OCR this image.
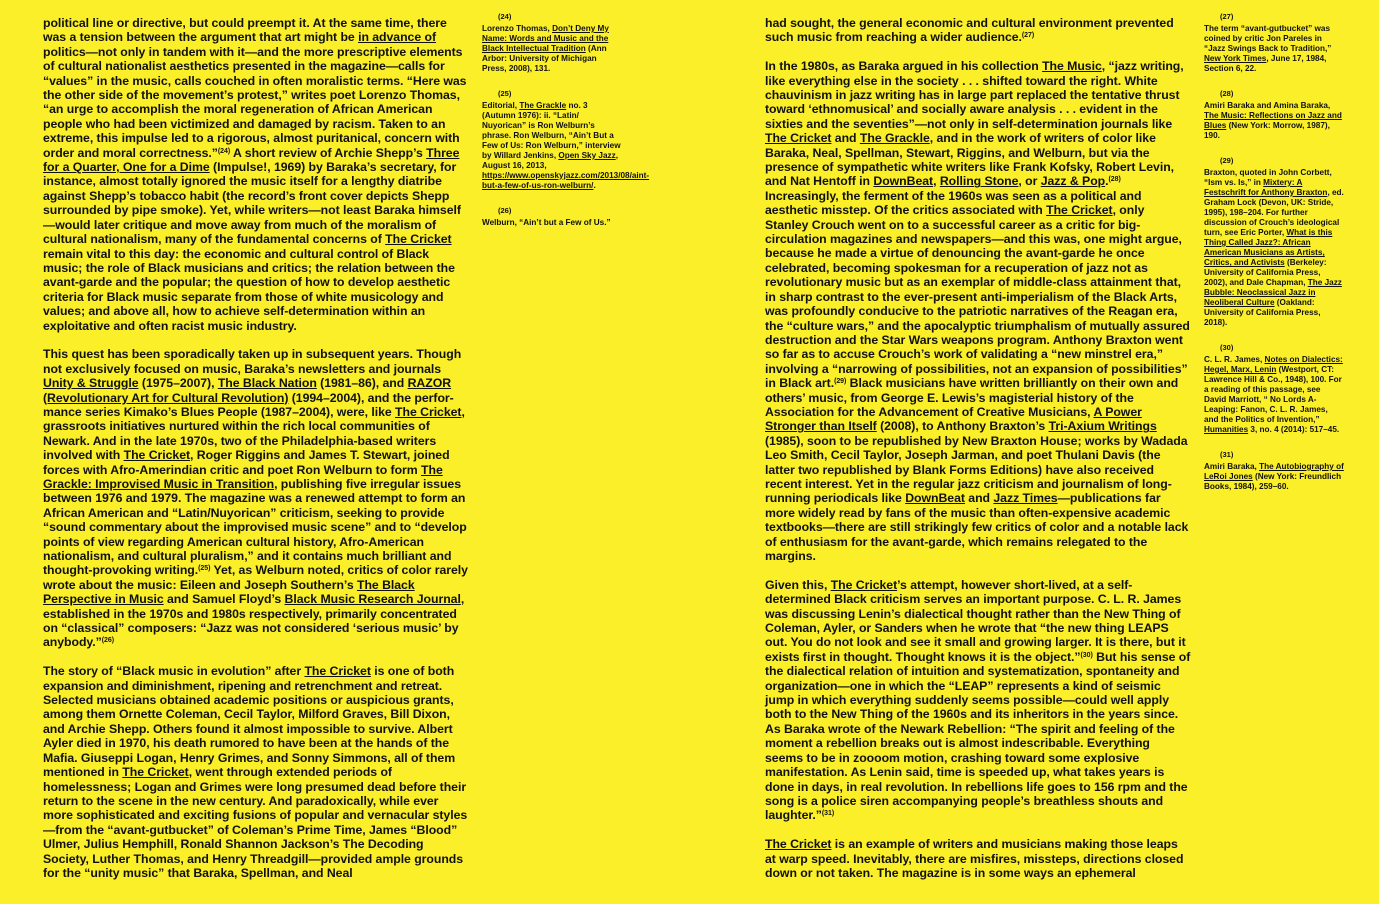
political line or directive, but could preempt it. At the same time, there was a tension between the argument that art might be in advance of politics—not only in tandem with it—and the more prescriptive elements of cultural nationalist aesthetics presented in the magazine—calls for “values” in the music, calls couched in often moralistic terms. “Here was the other side of the movement’s protest,” writes poet Lorenzo Thomas, “an urge to accomplish the moral regeneration of African American people who had been victimized and damaged by racism. Taken to an extreme, this impulse led to a rigorous, almost puritanical, concern with order and moral correctness.”$^{(24)}$ A short review of Archie Shepp’s Three for a Quarter, One for a Dime (Impulse!, 1969) by Baraka’s secretary, for instance, almost totally ignored the music itself for a lengthy diatribe against Shepp’s tobacco habit (the record’s front cover depicts Shepp surrounded by pipe smoke). Yet, while writers—not least Baraka himself—would later critique and move away from much of the moralism of cultural nationalism, many of the fundamental concerns of The Cricket remain vital to this day: the economic and cultural control of Black music; the role of Black musicians and critics; the relation between the avant-garde and the popular; the question of how to develop aesthetic criteria for Black music separate from those of white musicology and values; and above all, how to achieve self-determination within an exploitative and often racist music industry.

This quest has been sporadically taken up in subsequent years. Though not exclusively focused on music, Baraka’s newsletters and journals Unity & Struggle (1975–2007), The Black Nation (1981–86), and RAZOR (Revolutionary Art for Cultural Revolution) (1994–2004), and the performance series Kimako’s Blues People (1987–2004), were, like The Cricket, grassroots initiatives nurtured within the rich local communities of Newark. And in the late 1970s, two of the Philadelphia-based writers involved with The Cricket, Roger Riggins and James T. Stewart, joined forces with Afro-Amerindian critic and poet Ron Welburn to form The Grackle: Improvised Music in Transition, publishing five irregular issues between 1976 and 1979. The magazine was a renewed attempt to form an African American and “Latin/Nuyorican” criticism, seeking to provide “sound commentary about the improvised music scene” and to “develop points of view regarding American cultural history, Afro-American nationalism, and cultural pluralism,” and it contains much brilliant and thought-provoking writing.$^{(25)}$ Yet, as Welburn noted, critics of color rarely wrote about the music: Eileen and Joseph Southern’s The Black Perspective in Music and Samuel Floyd’s Black Music Research Journal, established in the 1970s and 1980s respectively, primarily concentrated on “classical” composers: “Jazz was not considered ‘serious music’ by anybody.”$^{(26)}$

The story of “Black music in evolution” after The Cricket is one of both expansion and diminishment, ripening and retrenchment and retreat. Selected musicians obtained academic positions or auspicious grants, among them Ornette Coleman, Cecil Taylor, Milford Graves, Bill Dixon, and Archie Shepp. Others found it almost impossible to survive. Albert Ayler died in 1970, his death rumored to have been at the hands of the Mafia. Giuseppi Logan, Henry Grimes, and Sonny Simmons, all of them mentioned in The Cricket, went through extended periods of homelessness; Logan and Grimes were long presumed dead before their return to the scene in the new century. And paradoxically, while ever more sophisticated and exciting fusions of popular and vernacular styles—from the “avant-gutbucket” of Coleman’s Prime Time, James “Blood” Ulmer, Julius Hemphill, Ronald Shannon Jackson’s The Decoding Society, Luther Thomas, and Henry Threadgill—provided ample grounds for the “unity music” that Baraka, Spellman, and Neal

(24)
Lorenzo Thomas, Don’t Deny My Name: Words and Music and the Black Intellectual Tradition (Ann Arbor: University of Michigan Press, 2008), 131.
(25)
Editorial, The Grackle no. 3 (Autumn 1976): ii. “Latin/ Nuyorican” is Ron Welburn’s phrase. Ron Welburn, “Ain’t But a Few of Us: Ron Welburn,” interview by Willard Jenkins, Open Sky Jazz, August 16, 2013, https://www.openskyjazz.com/2013/08/aint-but-a-few-of-us-ron-welburn/.
(26)
Welburn, “Ain’t but a Few of Us.”

had sought, the general economic and cultural environment prevented such music from reaching a wider audience.$^{(27)}$

In the 1980s, as Baraka argued in his collection The Music, “jazz writing, like everything else in the society . . . shifted toward the right. White chauvinism in jazz writing has in large part replaced the tentative thrust toward ‘ethnomusical’ and socially aware analysis . . . evident in the sixties and the seventies”—not only in self-determination journals like The Cricket and The Grackle, and in the work of writers of color like Baraka, Neal, Spellman, Stewart, Riggins, and Welburn, but via the presence of sympathetic white writers like Frank Kofsky, Robert Levin, and Nat Hentoff in DownBeat, Rolling Stone, or Jazz & Pop.$^{(28)}$ Increasingly, the ferment of the 1960s was seen as a political and aesthetic misstep. Of the critics associated with The Cricket, only Stanley Crouch went on to a successful career as a critic for big-circulation magazines and newspapers—and this was, one might argue, because he made a virtue of denouncing the avant-garde he once celebrated, becoming spokesman for a recuperation of jazz not as revolutionary music but as an exemplar of middle-class attainment that, in sharp contrast to the ever-present anti-imperialism of the Black Arts, was profoundly conducive to the patriotic narratives of the Reagan era, the “culture wars,” and the apocalyptic triumphalism of mutually assured destruction and the Star Wars weapons program. Anthony Braxton went so far as to accuse Crouch’s work of validating a “new minstrel era,” involving a “narrowing of possibilities, not an expansion of possibilities” in Black art.$^{(29)}$ Black musicians have written brilliantly on their own and others’ music, from George E. Lewis’s magisterial history of the Association for the Advancement of Creative Musicians, A Power Stronger than Itself (2008), to Anthony Braxton’s Tri-Axium Writings (1985), soon to be republished by New Braxton House; works by Wadada Leo Smith, Cecil Taylor, Joseph Jarman, and poet Thulani Davis (the latter two republished by Blank Forms Editions) have also received recent interest. Yet in the regular jazz criticism and journalism of long-running periodicals like DownBeat and Jazz Times—publications far more widely read by fans of the music than often-expensive academic textbooks—there are still strikingly few critics of color and a notable lack of enthusiasm for the avant-garde, which remains relegated to the margins.

Given this, The Cricket’s attempt, however short-lived, at a self-determined Black criticism serves an important purpose. C. L. R. James was discussing Lenin’s dialectical thought rather than the New Thing of Coleman, Ayler, or Sanders when he wrote that “the new thing LEAPS out. You do not look and see it small and growing larger. It is there, but it exists first in thought. Thought knows it is the object.”$^{(30)}$ But his sense of the dialectical relation of intuition and systematization, spontaneity and organization—one in which the “LEAP” represents a kind of seismic jump in which everything suddenly seems possible—could well apply both to the New Thing of the 1960s and its inheritors in the years since. As Baraka wrote of the Newark Rebellion: “The spirit and feeling of the moment a rebellion breaks out is almost indescribable. Everything seems to be in zoooom motion, crashing toward some explosive manifestation. As Lenin said, time is speeded up, what takes years is done in days, in real revolution. In rebellions life goes to 156 rpm and the song is a police siren accompanying people’s breathless shouts and laughter.”$^{(31)}$

The Cricket is an example of writers and musicians making those leaps at warp speed. Inevitably, there are misfires, missteps, directions closed down or not taken. The magazine is in some ways an ephemeral

(27)
The term “avant-gutbucket” was coined by critic Jon Pareles in “Jazz Swings Back to Tradition,” New York Times, June 17, 1984, Section 6, 22.
(28)
Amiri Baraka and Amina Baraka, The Music: Reflections on Jazz and Blues (New York: Morrow, 1987), 190.
(29)
Braxton, quoted in John Corbett, “Ism vs. Is,” in Mixtery: A Festschrift for Anthony Braxton, ed. Graham Lock (Devon, UK: Stride, 1995), 198–204. For further discussion of Crouch’s ideological turn, see Eric Porter, What is this Thing Called Jazz?: African American Musicians as Artists, Critics, and Activists (Berkeley: University of California Press, 2002), and Dale Chapman, The Jazz Bubble: Neoclassical Jazz in Neoliberal Culture (Oakland: University of California Press, 2018).
(30)
C. L. R. James, Notes on Dialectics: Hegel, Marx, Lenin (Westport, CT: Lawrence Hill & Co., 1948), 100. For a reading of this passage, see David Marriott, “ No Lords A-Leaping: Fanon, C. L. R. James, and the Politics of Invention,” Humanities 3, no. 4 (2014): 517–45.
(31)
Amiri Baraka, The Autobiography of LeRoi Jones (New York: Freundlich Books, 1984), 259–60.
